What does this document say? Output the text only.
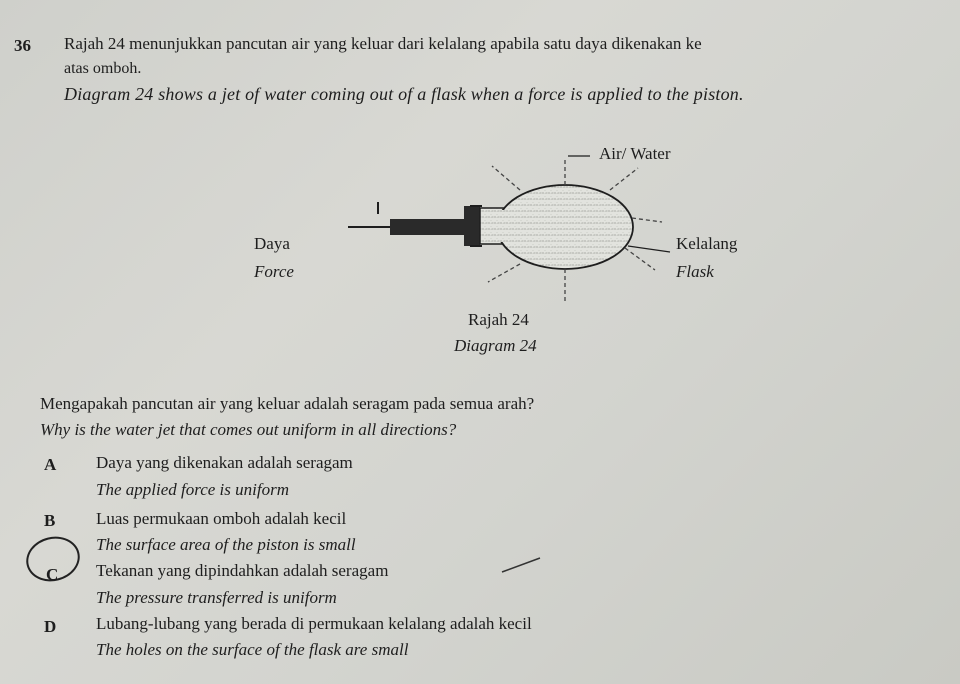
36 Rajah 24 menunjukkan pancutan air yang keluar dari kelalang apabila satu daya dikenakan ke
atas omboh.
Diagram 24 shows a jet of water coming out of a flask when a force is applied to the piston.
Air/ Water
Daya
Force
Kelalang
Flask
Rajah 24
Diagram 24
Mengapakah pancutan air yang keluar adalah seragam pada semua arah?
Why is the water jet that comes out uniform in all directions?
A Daya yang dikenakan adalah seragam
The applied force is uniform
B Luas permukaan omboh adalah kecil
The surface area of the piston is small
C Tekanan yang dipindahkan adalah seragam
The pressure transferred is uniform
D Lubang-lubang yang berada di permukaan kelalang adalah kecil
The holes on the surface of the flask are small
